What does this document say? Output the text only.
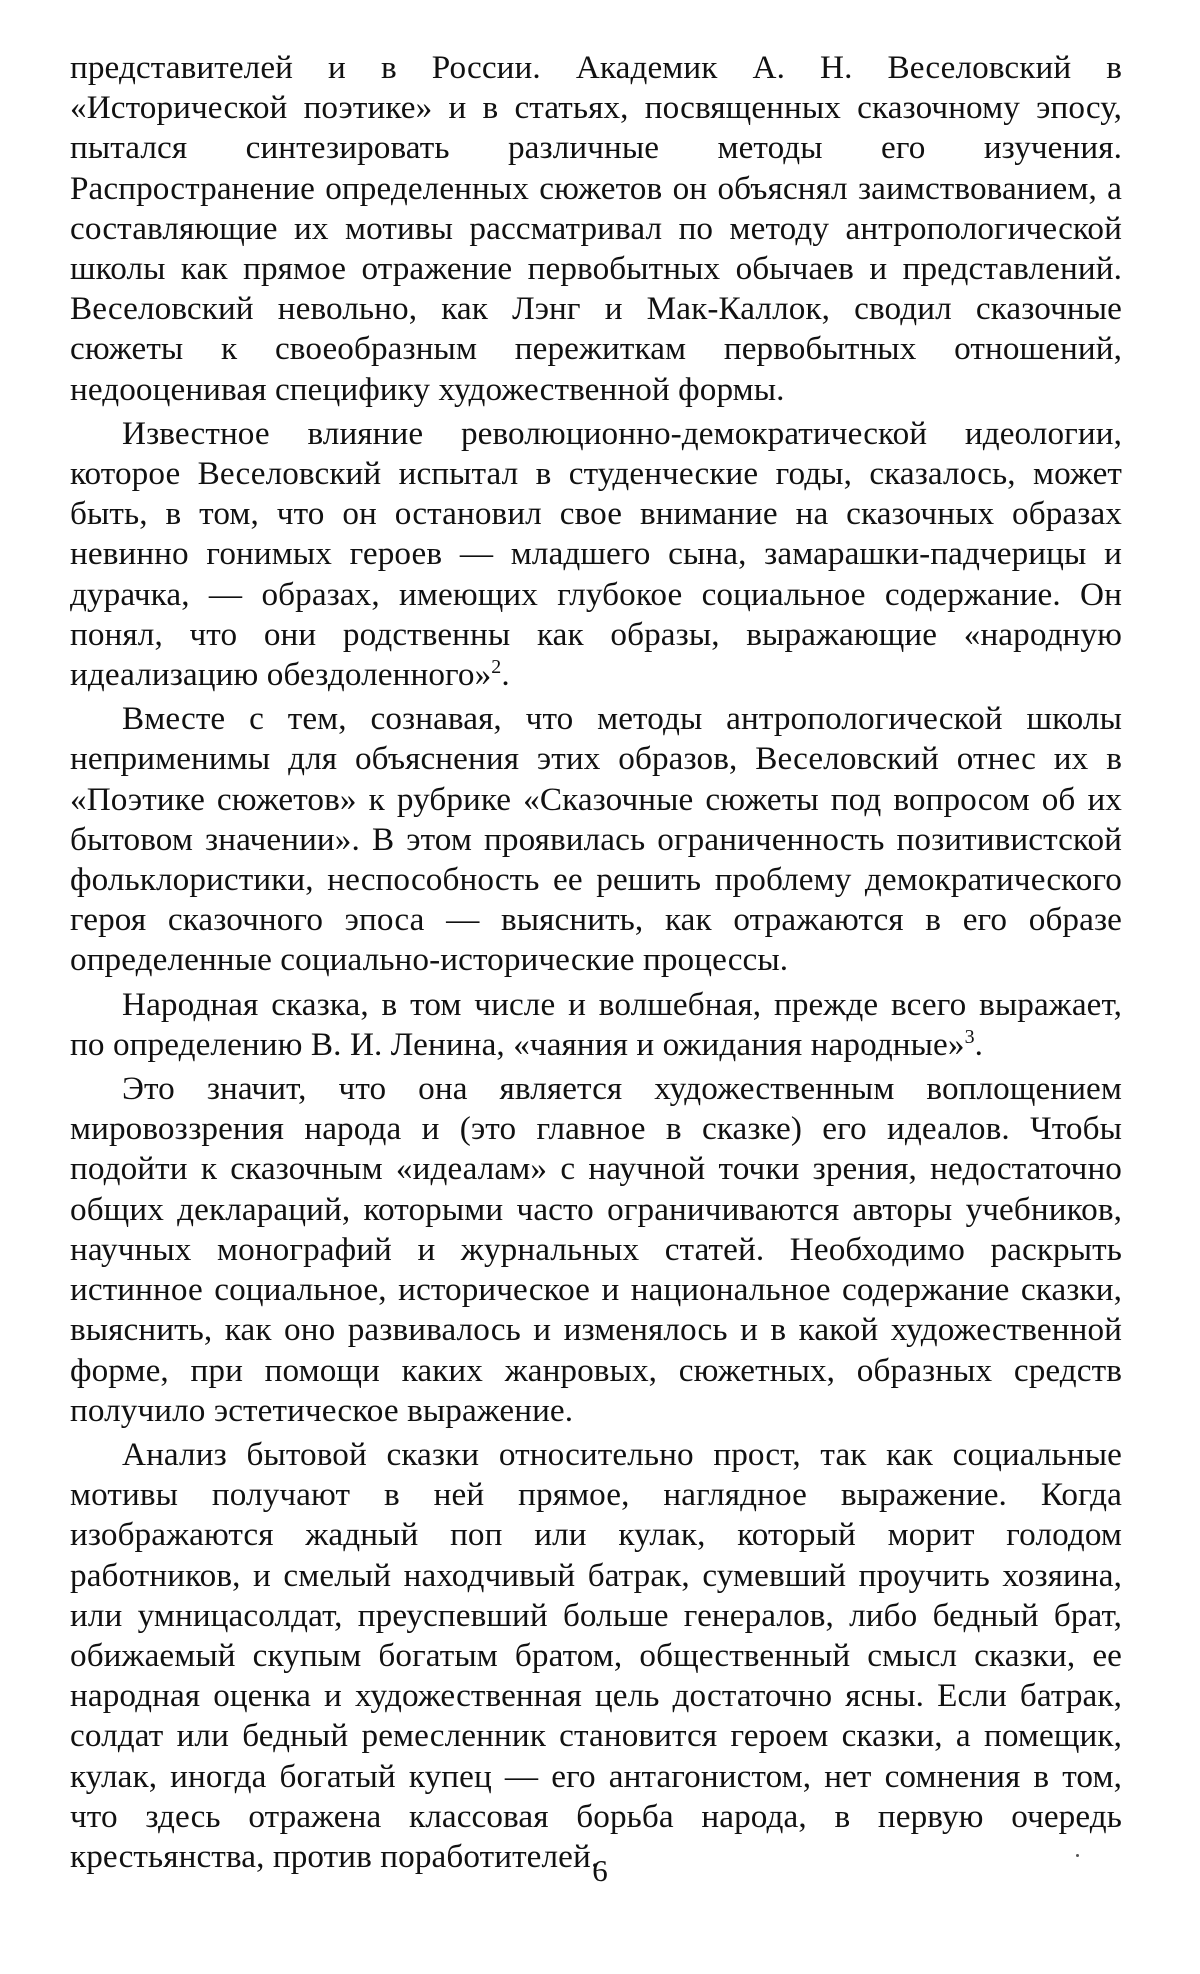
представителей и в России. Академик А. Н. Веселовский в «Исторической поэтике» и в статьях, посвященных сказочному эпосу, пытался синтезировать различные методы его изучения. Распространение определенных сюжетов он объяснял заимствованием, а составляющие их мотивы рассматривал по методу антропологической школы как прямое отражение первобытных обычаев и представлений. Веселовский невольно, как Лэнг и Мак-Каллок, сводил сказочные сюжеты к своеобразным пережиткам первобытных отношений, недооценивая специфику художественной формы.

Известное влияние революционно-демократической идеологии, которое Веселовский испытал в студенческие годы, сказалось, может быть, в том, что он остановил свое внимание на сказочных образах невинно гонимых героев — младшего сына, замарашки-падчерицы и дурачка, — образах, имеющих глубокое социальное содержание. Он понял, что они родственны как образы, выражающие «народную идеализацию обездоленного»$^2$.

Вместе с тем, сознавая, что методы антропологической школы неприменимы для объяснения этих образов, Веселовский отнес их в «Поэтике сюжетов» к рубрике «Сказочные сюжеты под вопросом об их бытовом значении». В этом проявилась ограниченность позитивистской фольклористики, неспособность ее решить проблему демократического героя сказочного эпоса — выяснить, как отражаются в его образе определенные социально-исторические процессы.

Народная сказка, в том числе и волшебная, прежде всего выражает, по определению В. И. Ленина, «чаяния и ожидания народные»$^3$.

Это значит, что она является художественным воплощением мировоззрения народа и (это главное в сказке) его идеалов. Чтобы подойти к сказочным «идеалам» с научной точки зрения, недостаточно общих деклараций, которыми часто ограничиваются авторы учебников, научных монографий и журнальных статей. Необходимо раскрыть истинное социальное, историческое и национальное содержание сказки, выяснить, как оно развивалось и изменялось и в какой художественной форме, при помощи каких жанровых, сюжетных, образных средств получило эстетическое выражение.

Анализ бытовой сказки относительно прост, так как социальные мотивы получают в ней прямое, наглядное выражение. Когда изображаются жадный поп или кулак, который морит голодом работников, и смелый находчивый батрак, сумевший проучить хозяина, или умницасолдат, преуспевший больше генералов, либо бедный брат, обижаемый скупым богатым братом, общественный смысл сказки, ее народная оценка и художественная цель достаточно ясны. Если батрак, солдат или бедный ремесленник становится героем сказки, а помещик, кулак, иногда богатый купец — его антагонистом, нет сомнения в том, что здесь отражена классовая борьба народа, в первую очередь крестьянства, против поработителей.

6
